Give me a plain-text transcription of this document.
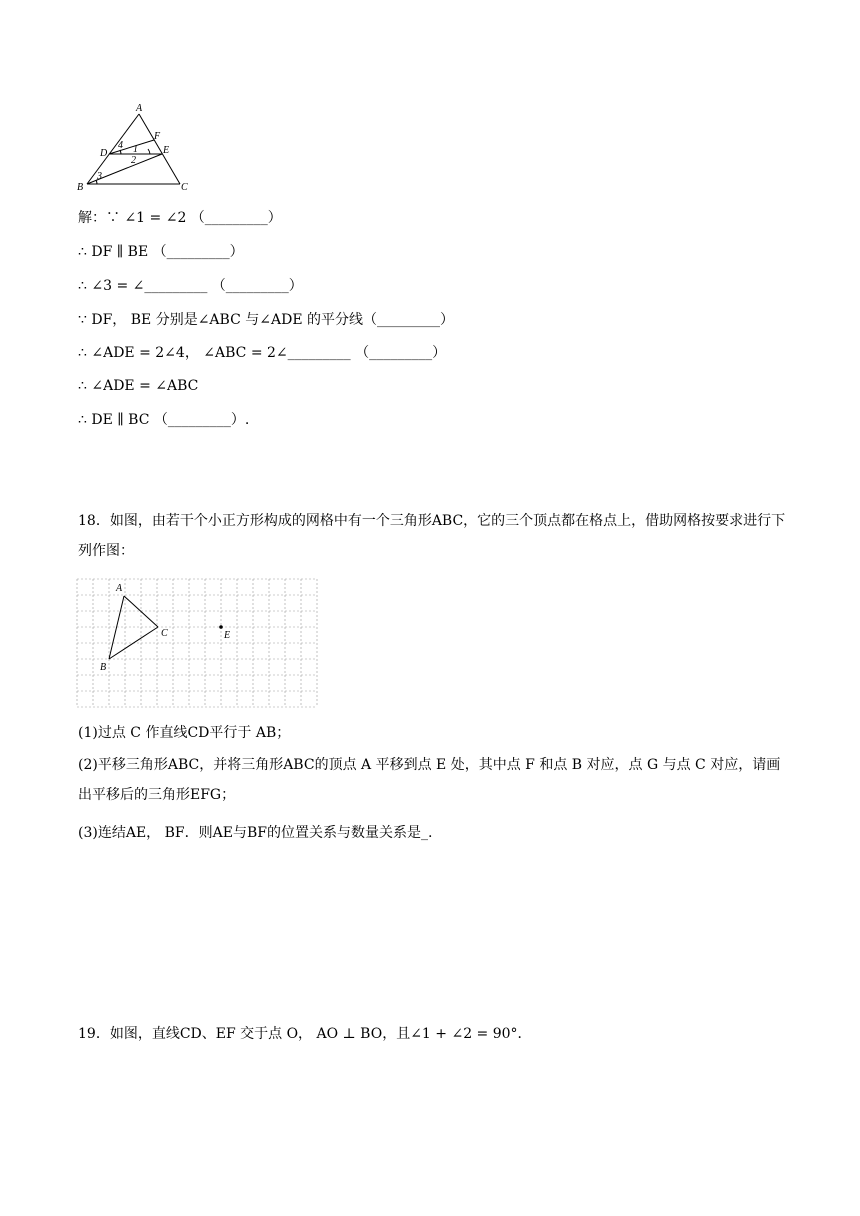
A
B	C
D	E
F
1
2
3
4
解：∵ ∠1 = ∠2 （_________）
∴ DF ∥ BE （_________）
∴ ∠3 = ∠_________ （_________）
∵ DF， BE 分别是∠ABC 与∠ADE 的平分线（_________）
∴ ∠ADE = 2∠4， ∠ABC = 2∠_________ （_________）
∴ ∠ADE = ∠ABC
∴ DE ∥ BC （_________）.
18．如图，由若干个小正方形构成的网格中有一个三角形ABC，它的三个顶点都在格点上，借助网格按要求进行下列作图：
A
B
C	E
(1)过点 C 作直线CD平行于 AB；
(2)平移三角形ABC，并将三角形ABC的顶点 A 平移到点 E 处，其中点 F 和点 B 对应，点 G 与点 C 对应，请画出平移后的三角形EFG；
(3)连结AE， BF．则AE与BF的位置关系与数量关系是_.
19．如图，直线CD、EF 交于点 O， AO ⊥ BO，且∠1 + ∠2 = 90°．
